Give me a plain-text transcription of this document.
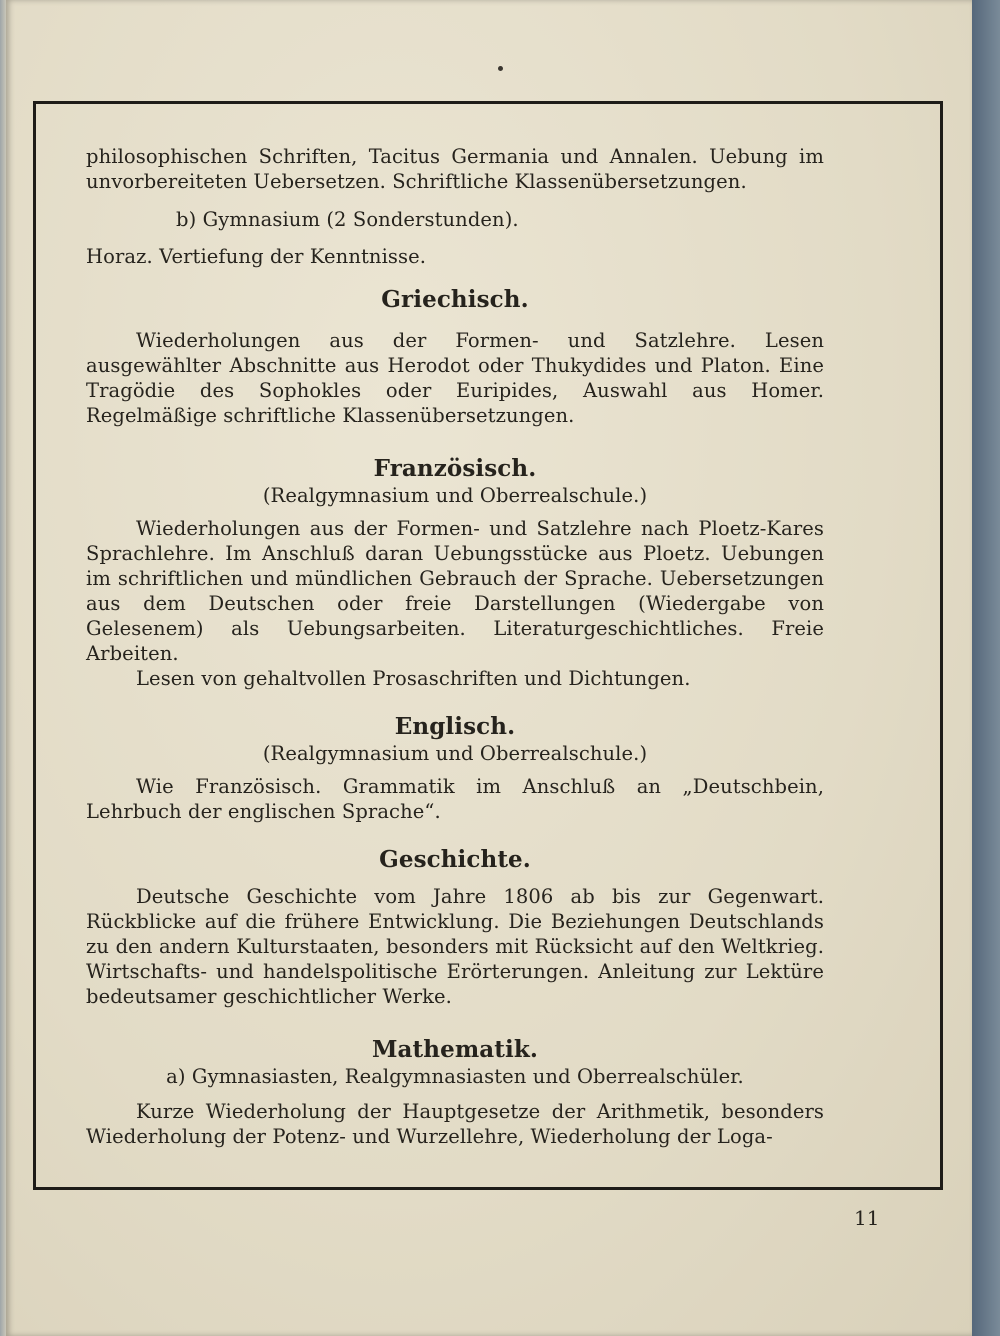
philosophischen Schriften, Tacitus Germania und Annalen. Uebung im unvorbereiteten Uebersetzen. Schriftliche Klassenübersetzungen.

b) Gymnasium (2 Sonderstunden).

Horaz. Vertiefung der Kenntnisse.

Griechisch.

Wiederholungen aus der Formen- und Satzlehre. Lesen ausgewählter Abschnitte aus Herodot oder Thukydides und Platon. Eine Tragödie des Sophokles oder Euripides, Auswahl aus Homer. Regelmäßige schriftliche Klassenübersetzungen.

Französisch.

(Realgymnasium und Oberrealschule.)

Wiederholungen aus der Formen- und Satzlehre nach Ploetz-Kares Sprachlehre. Im Anschluß daran Uebungsstücke aus Ploetz. Uebungen im schriftlichen und mündlichen Gebrauch der Sprache. Uebersetzungen aus dem Deutschen oder freie Darstellungen (Wiedergabe von Gelesenem) als Uebungsarbeiten. Literaturgeschichtliches. Freie Arbeiten.

Lesen von gehaltvollen Prosaschriften und Dichtungen.

Englisch.

(Realgymnasium und Oberrealschule.)

Wie Französisch. Grammatik im Anschluß an „Deutschbein, Lehrbuch der englischen Sprache“.

Geschichte.

Deutsche Geschichte vom Jahre 1806 ab bis zur Gegenwart. Rückblicke auf die frühere Entwicklung. Die Beziehungen Deutschlands zu den andern Kulturstaaten, besonders mit Rücksicht auf den Weltkrieg. Wirtschafts- und handelspolitische Erörterungen. Anleitung zur Lektüre bedeutsamer geschichtlicher Werke.

Mathematik.

a) Gymnasiasten, Realgymnasiasten und Oberrealschüler.

Kurze Wiederholung der Hauptgesetze der Arithmetik, besonders Wiederholung der Potenz- und Wurzellehre, Wiederholung der Loga-

11
